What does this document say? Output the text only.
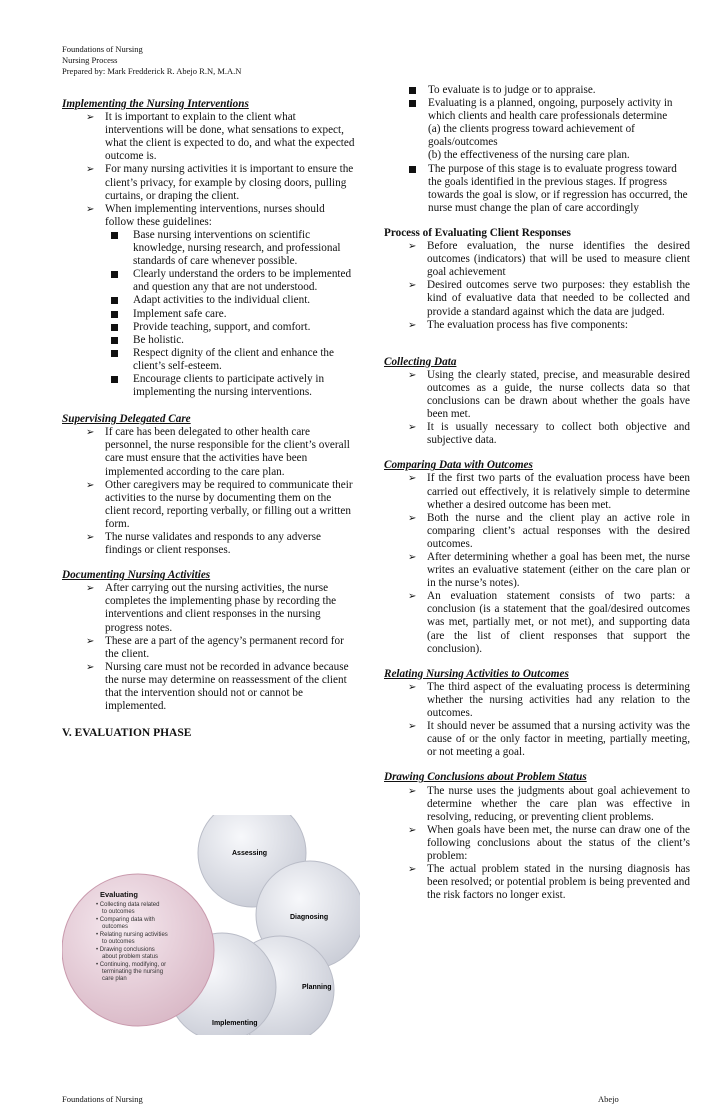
Foundations of Nursing
Nursing Process
Prepared by: Mark Fredderick R. Abejo R.N, M.A.N
Implementing the Nursing Interventions
➢ It is important to explain to the client what interventions will be done, what sensations to expect, what the client is expected to do, and what the expected outcome is.
➢ For many nursing activities it is important to ensure the client’s privacy, for example by closing doors, pulling curtains, or draping the client.
➢ When implementing interventions, nurses should follow these guidelines:
Base nursing interventions on scientific knowledge, nursing research, and professional standards of care whenever possible.
Clearly understand the orders to be implemented and question any that are not understood.
Adapt activities to the individual client.
Implement safe care.
Provide teaching, support, and comfort.
Be holistic.
Respect dignity of the client and enhance the client’s self-esteem.
Encourage clients to participate actively in implementing the nursing interventions.
Supervising Delegated Care
➢ If care has been delegated to other health care personnel, the nurse responsible for the client’s overall care must ensure that the activities have been implemented according to the care plan.
➢ Other caregivers may be required to communicate their activities to the nurse by documenting them on the client record, reporting verbally, or filling out a written form.
➢ The nurse validates and responds to any adverse findings or client responses.
Documenting Nursing Activities
➢ After carrying out the nursing activities, the nurse completes the implementing phase by recording the interventions and client responses in the nursing progress notes.
➢ These are a part of the agency’s permanent record for the client.
➢ Nursing care must not be recorded in advance because the nurse may determine on reassessment of the client that the intervention should not or cannot be implemented.
V. EVALUATION PHASE
Assessing
Diagnosing
Planning
Implementing
Evaluating
• Collecting data related
to outcomes
• Comparing data with
outcomes
• Relating nursing activities
to outcomes
• Drawing conclusions
about problem status
• Continuing, modifying, or
terminating the nursing
care plan
To evaluate is to judge or to appraise.
Evaluating is a planned, ongoing, purposely activity in which clients and health care professionals determine
(a) the clients progress toward achievement of goals/outcomes
(b) the effectiveness of the nursing care plan.
The purpose of this stage is to evaluate progress toward the goals identified in the previous stages. If progress towards the goal is slow, or if regression has occurred, the nurse must change the plan of care accordingly
Process of Evaluating Client Responses
➢ Before evaluation, the nurse identifies the desired outcomes (indicators) that will be used to measure client goal achievement
➢ Desired outcomes serve two purposes: they establish the kind of evaluative data that needed to be collected and provide a standard against which the data are judged.
➢ The evaluation process has five components:
Collecting Data
➢ Using the clearly stated, precise, and measurable desired outcomes as a guide, the nurse collects data so that conclusions can be drawn about whether the goals have been met.
➢ It is usually necessary to collect both objective and subjective data.
Comparing Data with Outcomes
➢ If the first two parts of the evaluation process have been carried out effectively, it is relatively simple to determine whether a desired outcome has been met.
➢ Both the nurse and the client play an active role in comparing client’s actual responses with the desired outcomes.
➢ After determining whether a goal has been met, the nurse writes an evaluative statement (either on the care plan or in the nurse’s notes).
➢ An evaluation statement consists of two parts: a conclusion (is a statement that the goal/desired outcomes was met, partially met, or not met), and supporting data (are the list of client responses that support the conclusion).
Relating Nursing Activities to Outcomes
➢ The third aspect of the evaluating process is determining whether the nursing activities had any relation to the outcomes.
➢ It should never be assumed that a nursing activity was the cause of or the only factor in meeting, partially meeting, or not meeting a goal.
Drawing Conclusions about Problem Status
➢ The nurse uses the judgments about goal achievement to determine whether the care plan was effective in resolving, reducing, or preventing client problems.
➢ When goals have been met, the nurse can draw one of the following conclusions about the status of the client’s problem:
➢ The actual problem stated in the nursing diagnosis has been resolved; or potential problem is being prevented and the risk factors no longer exist.
Foundations of Nursing	Abejo
